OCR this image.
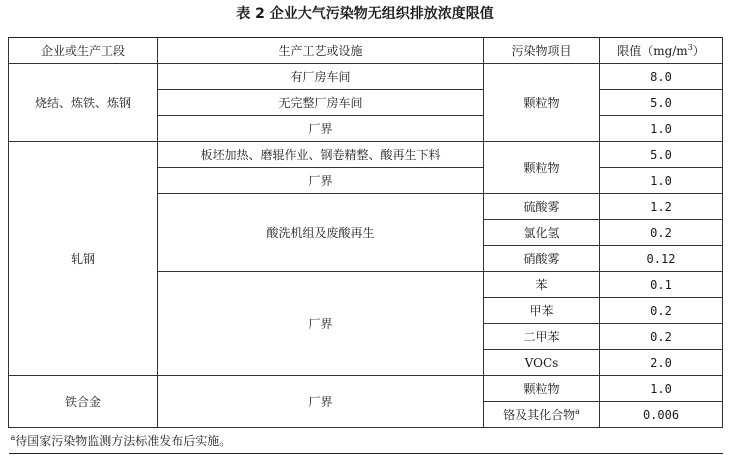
表 2 企业大气污染物无组织排放浓度限值
企业或生产工段	生产工艺或设施	污染物项目	限值$(mg/m^3)$
烧结、炼铁、炼钢	有厂房车间	颗粒物	8.0
	无完整厂房车间		5.0
	厂界		1.0
轧钢	板坯加热、磨辊作业、钢卷精整、酸再生下料	颗粒物	5.0
	厂界		1.0
	酸洗机组及废酸再生	硫酸雾	1.2
		氯化氢	0.2
		硝酸雾	0.12
	厂界	苯	0.1
		甲苯	0.2
		二甲苯	0.2
		VOCs	2.0
铁合金	厂界	颗粒物	1.0
		铬及其化合物$^a$	0.006
$^a$待国家污染物监测方法标准发布后实施。			
